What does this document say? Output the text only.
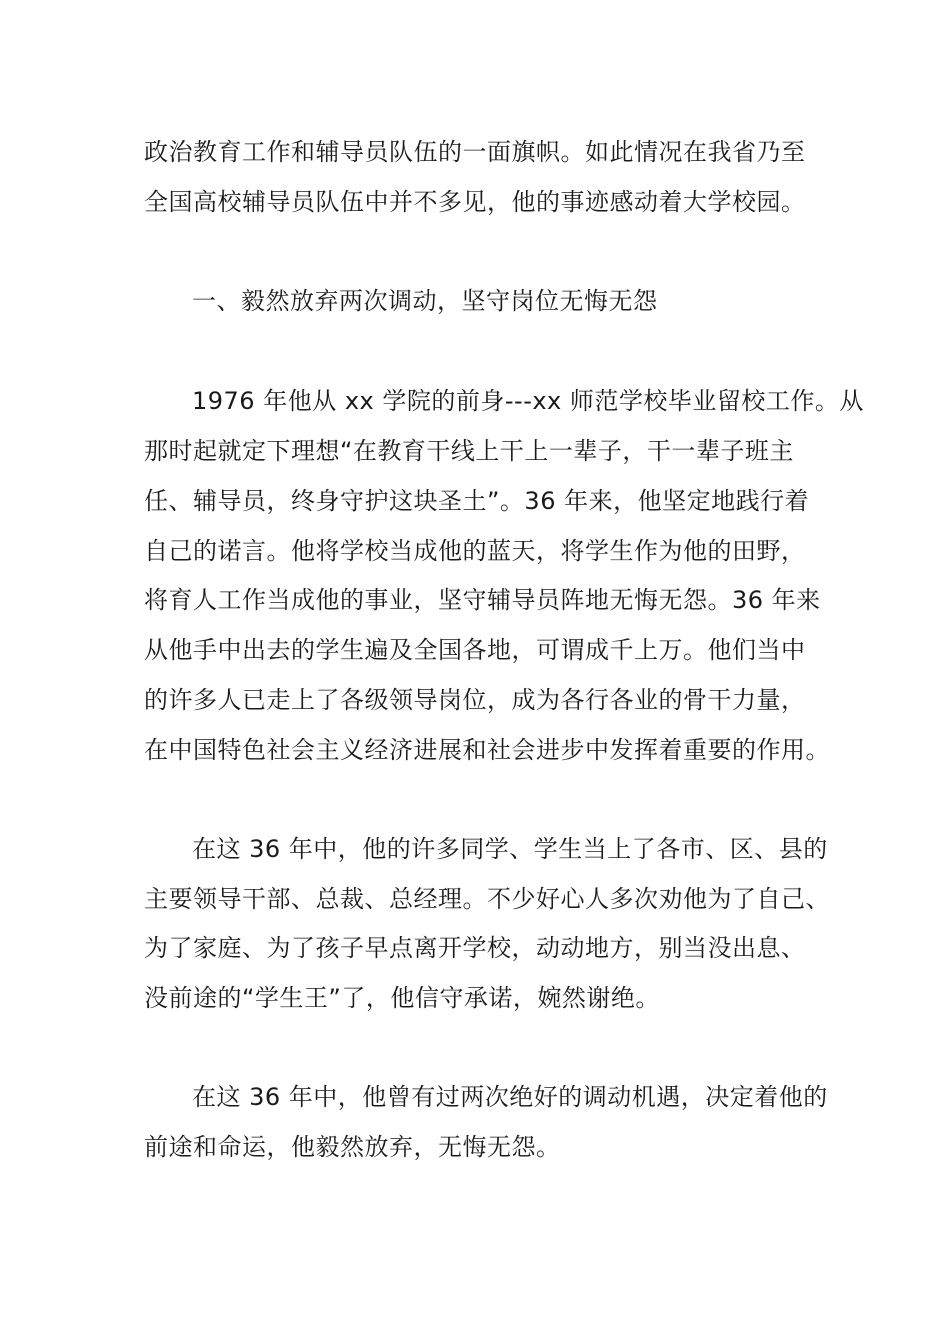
政治教育工作和辅导员队伍的一面旗帜。如此情况在我省乃至
全国高校辅导员队伍中并不多见，他的事迹感动着大学校园。
一、毅然放弃两次调动，坚守岗位无悔无怨
1976 年他从 xx 学院的前身---xx 师范学校毕业留校工作。从
那时起就定下理想“在教育干线上干上一辈子，干一辈子班主
任、辅导员，终身守护这块圣土”。36 年来，他坚定地践行着
自己的诺言。他将学校当成他的蓝天，将学生作为他的田野，
将育人工作当成他的事业，坚守辅导员阵地无悔无怨。36 年来
从他手中出去的学生遍及全国各地，可谓成千上万。他们当中
的许多人已走上了各级领导岗位，成为各行各业的骨干力量，
在中国特色社会主义经济进展和社会进步中发挥着重要的作用。
在这 36 年中，他的许多同学、学生当上了各市、区、县的
主要领导干部、总裁、总经理。不少好心人多次劝他为了自己、
为了家庭、为了孩子早点离开学校，动动地方，别当没出息、
没前途的“学生王”了，他信守承诺，婉然谢绝。
在这 36 年中，他曾有过两次绝好的调动机遇，决定着他的
前途和命运，他毅然放弃，无悔无怨。
